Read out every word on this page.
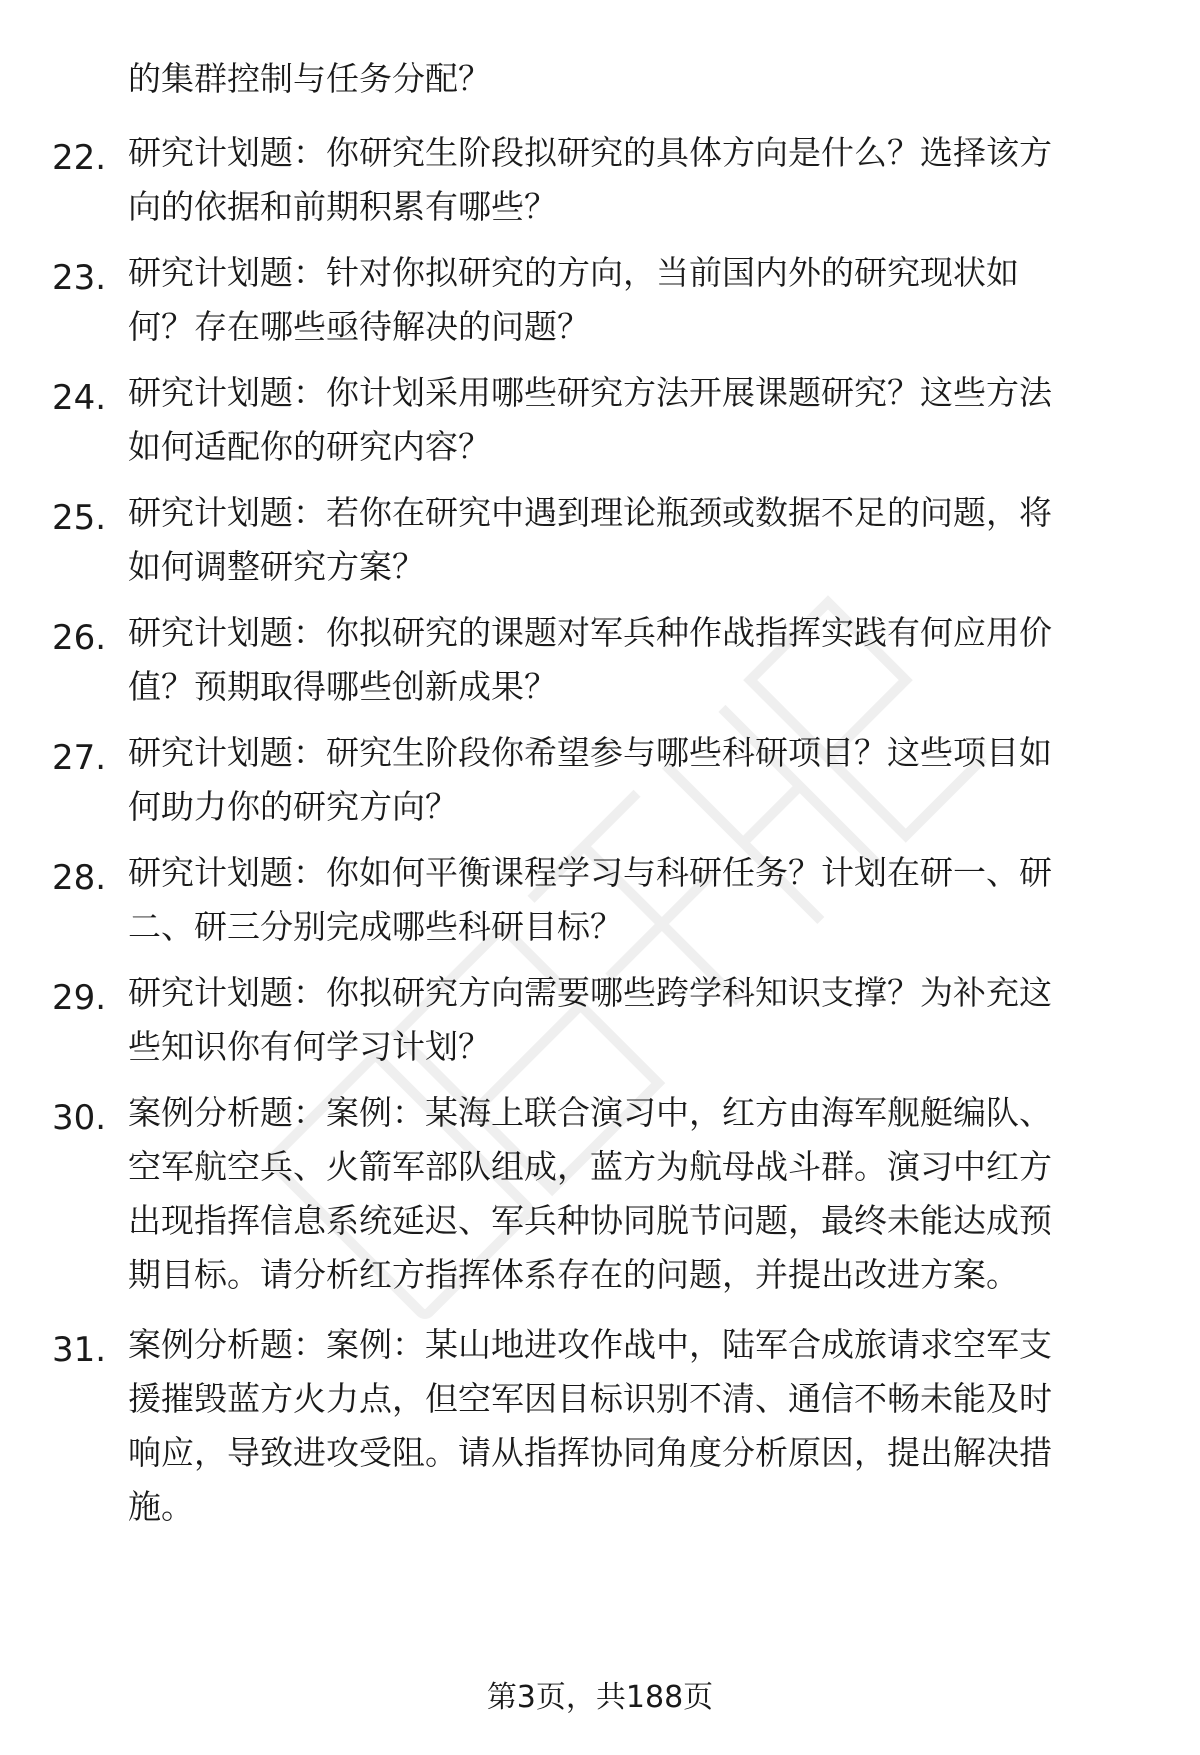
的集群控制与任务分配？
22. 研究计划题：你研究生阶段拟研究的具体方向是什么？选择该方
向的依据和前期积累有哪些？
23. 研究计划题：针对你拟研究的方向，当前国内外的研究现状如
何？存在哪些亟待解决的问题？
24. 研究计划题：你计划采用哪些研究方法开展课题研究？这些方法
如何适配你的研究内容？
25. 研究计划题：若你在研究中遇到理论瓶颈或数据不足的问题，将
如何调整研究方案？
26. 研究计划题：你拟研究的课题对军兵种作战指挥实践有何应用价
值？预期取得哪些创新成果？
27. 研究计划题：研究生阶段你希望参与哪些科研项目？这些项目如
何助力你的研究方向？
28. 研究计划题：你如何平衡课程学习与科研任务？计划在研一、研
二、研三分别完成哪些科研目标？
29. 研究计划题：你拟研究方向需要哪些跨学科知识支撑？为补充这
些知识你有何学习计划？
30. 案例分析题：案例：某海上联合演习中，红方由海军舰艇编队、
空军航空兵、火箭军部队组成，蓝方为航母战斗群。演习中红方
出现指挥信息系统延迟、军兵种协同脱节问题，最终未能达成预
期目标。请分析红方指挥体系存在的问题，并提出改进方案。
31. 案例分析题：案例：某山地进攻作战中，陆军合成旅请求空军支
援摧毁蓝方火力点，但空军因目标识别不清、通信不畅未能及时
响应，导致进攻受阻。请从指挥协同角度分析原因，提出解决措
施。
第3页，共188页
